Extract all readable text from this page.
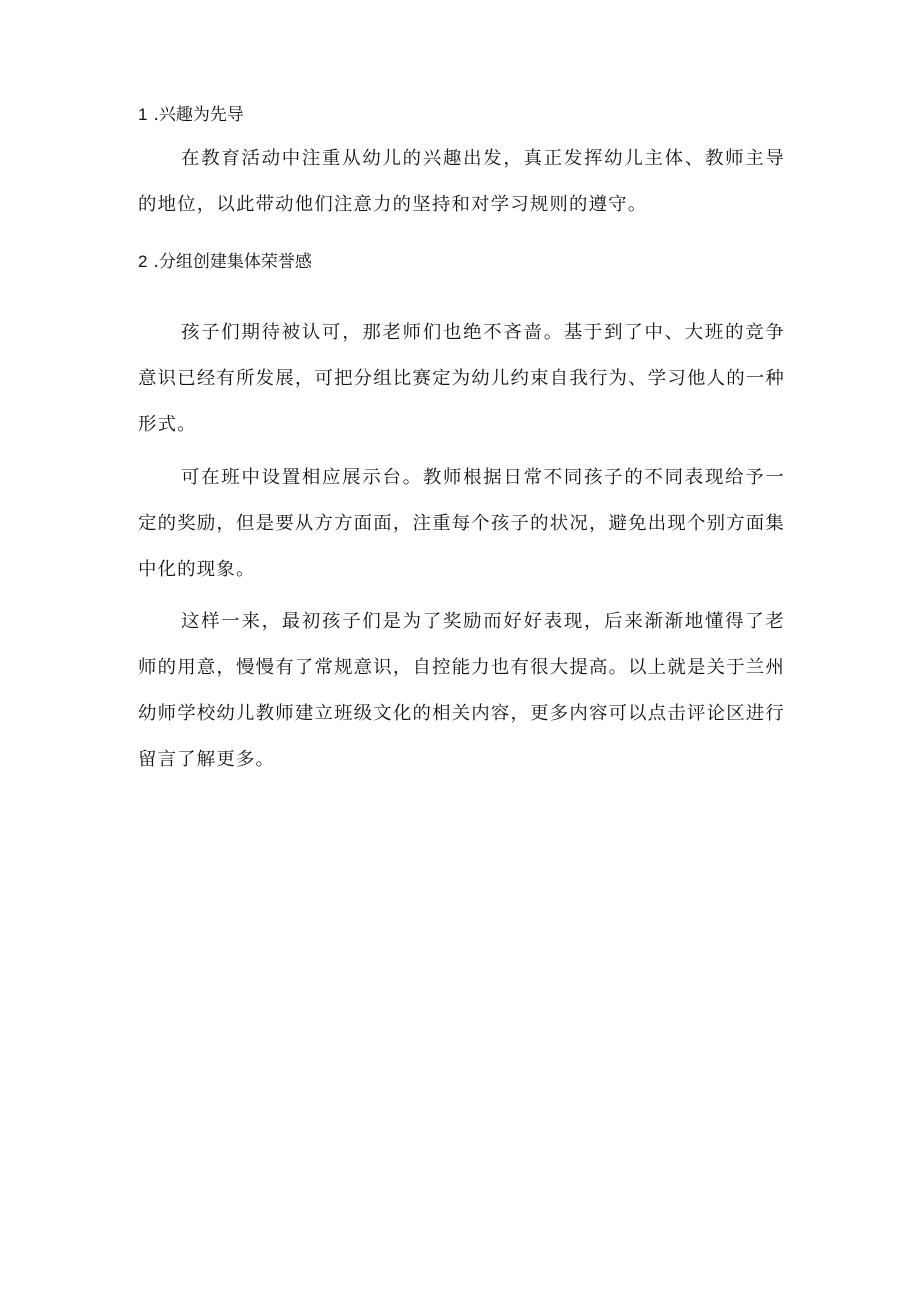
1 .兴趣为先导

在教育活动中注重从幼儿的兴趣出发，真正发挥幼儿主体、教师主导的地位，以此带动他们注意力的坚持和对学习规则的遵守。

2 .分组创建集体荣誉感

孩子们期待被认可，那老师们也绝不吝啬。基于到了中、大班的竞争意识已经有所发展，可把分组比赛定为幼儿约束自我行为、学习他人的一种形式。

可在班中设置相应展示台。教师根据日常不同孩子的不同表现给予一定的奖励，但是要从方方面面，注重每个孩子的状况，避免出现个别方面集中化的现象。

这样一来，最初孩子们是为了奖励而好好表现，后来渐渐地懂得了老师的用意，慢慢有了常规意识，自控能力也有很大提高。以上就是关于兰州幼师学校幼儿教师建立班级文化的相关内容，更多内容可以点击评论区进行留言了解更多。
